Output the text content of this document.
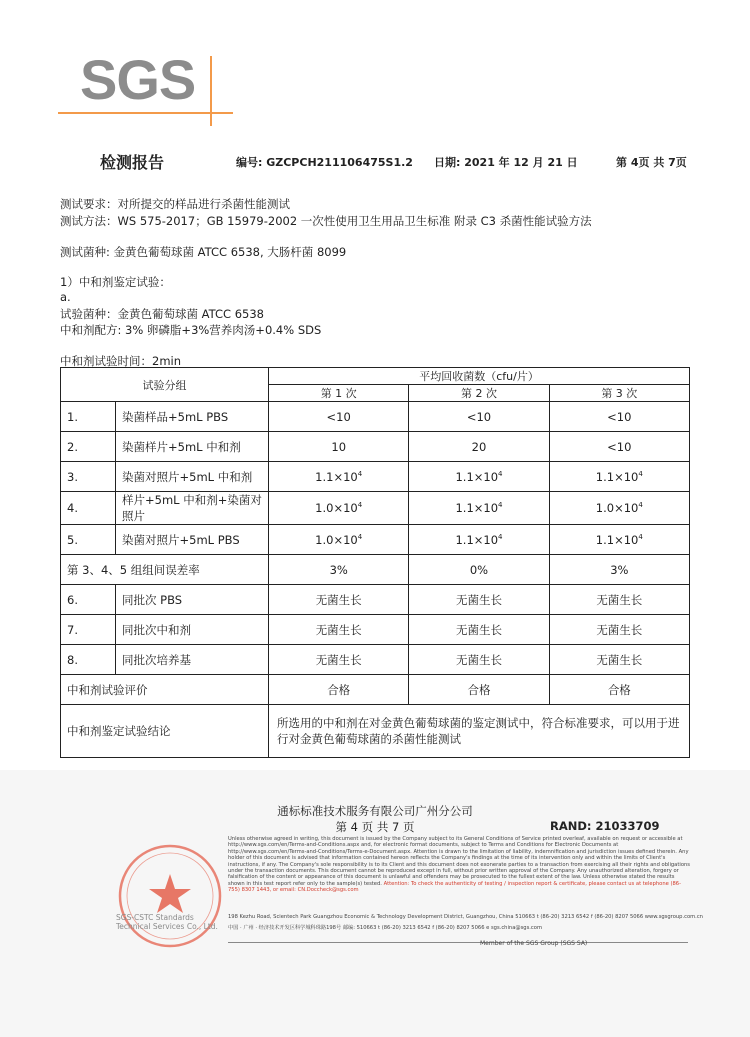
SGS
检测报告	编号: GZCPCH211106475S1.2 日期: 2021 年 12 月 21 日	第 4页 共 7页
测试要求：对所提交的样品进行杀菌性能测试
测试方法：WS 575-2017；GB 15979-2002 一次性使用卫生用品卫生标准 附录 C3 杀菌性能试验方法
测试菌种: 金黄色葡萄球菌 ATCC 6538, 大肠杆菌 8099
1）中和剂鉴定试验：
a.
试验菌种：金黄色葡萄球菌 ATCC 6538
中和剂配方: 3% 卵磷脂+3%营养肉汤+0.4% SDS
中和剂试验时间：2min
试验分组		平均回收菌数（cfu/片）		
		第 1 次	第 2 次	第 3 次
1.	染菌样品+5mL PBS	<10	<10	<10
2.	染菌样片+5mL 中和剂	10	20	<10
3.	染菌对照片+5mL 中和剂	$1.1\times 10^4$	$1.1\times 10^4$	$1.1\times 10^4$
4.	样片+5mL 中和剂+染菌对照片	$1.0\times 10^4$	$1.1\times 10^4$	$1.0\times 10^4$
5.	染菌对照片+5mL PBS	$1.0\times 10^4$	$1.1\times 10^4$	$1.1\times 10^4$
第 3、4、5 组组间误差率		3%	0%	3%
6.	同批次 PBS	无菌生长	无菌生长	无菌生长
7.	同批次中和剂	无菌生长	无菌生长	无菌生长
8.	同批次培养基	无菌生长	无菌生长	无菌生长
中和剂试验评价		合格	合格	合格
中和剂鉴定试验结论		所选用的中和剂在对金黄色葡萄球菌的鉴定测试中，符合标准要求，可以用于进行对金黄色葡萄球菌的杀菌性能测试		
通标标准技术服务有限公司广州分公司
第 4 页 共 7 页	RAND: 21033709
SGS-CSTC Standards Technical Services Co., Ltd.
Unless otherwise agreed in writing, this document is issued by the Company subject to its General Conditions of Service printed overleaf, available on request or accessible at http://www.sgs.com/en/Terms-and-Conditions.aspx and, for electronic format documents, subject to Terms and Conditions for Electronic Documents at http://www.sgs.com/en/Terms-and-Conditions/Terms-e-Document.aspx. Attention is drawn to the limitation of liability, indemnification and jurisdiction issues defined therein. Any holder of this document is advised that information contained hereon reflects the Company's findings at the time of its intervention only and within the limits of Client's instructions, if any. The Company's sole responsibility is to its Client and this document does not exonerate parties to a transaction from exercising all their rights and obligations under the transaction documents. This document cannot be reproduced except in full, without prior written approval of the Company. Any unauthorized alteration, forgery or falsification of the content or appearance of this document is unlawful and offenders may be prosecuted to the fullest extent of the law. Unless otherwise stated the results shown in this test report refer only to the sample(s) tested. Attention: To check the authenticity of testing / inspection report & certificate, please contact us at telephone (86-755) 8307 1443, or email: CN.Doccheck@sgs.com
198 Kezhu Road, Scientech Park Guangzhou Economic & Technology Development District, Guangzhou, China 510663 t (86-20) 3213 6542 f (86-20) 8207 5066 www.sgsgroup.com.cn
中国 · 广州 · 经济技术开发区科学城科珠路198号 邮编: 510663 t (86-20) 3213 6542 f (86-20) 8207 5066 e sgs.china@sgs.com
Member of the SGS Group (SGS SA)
